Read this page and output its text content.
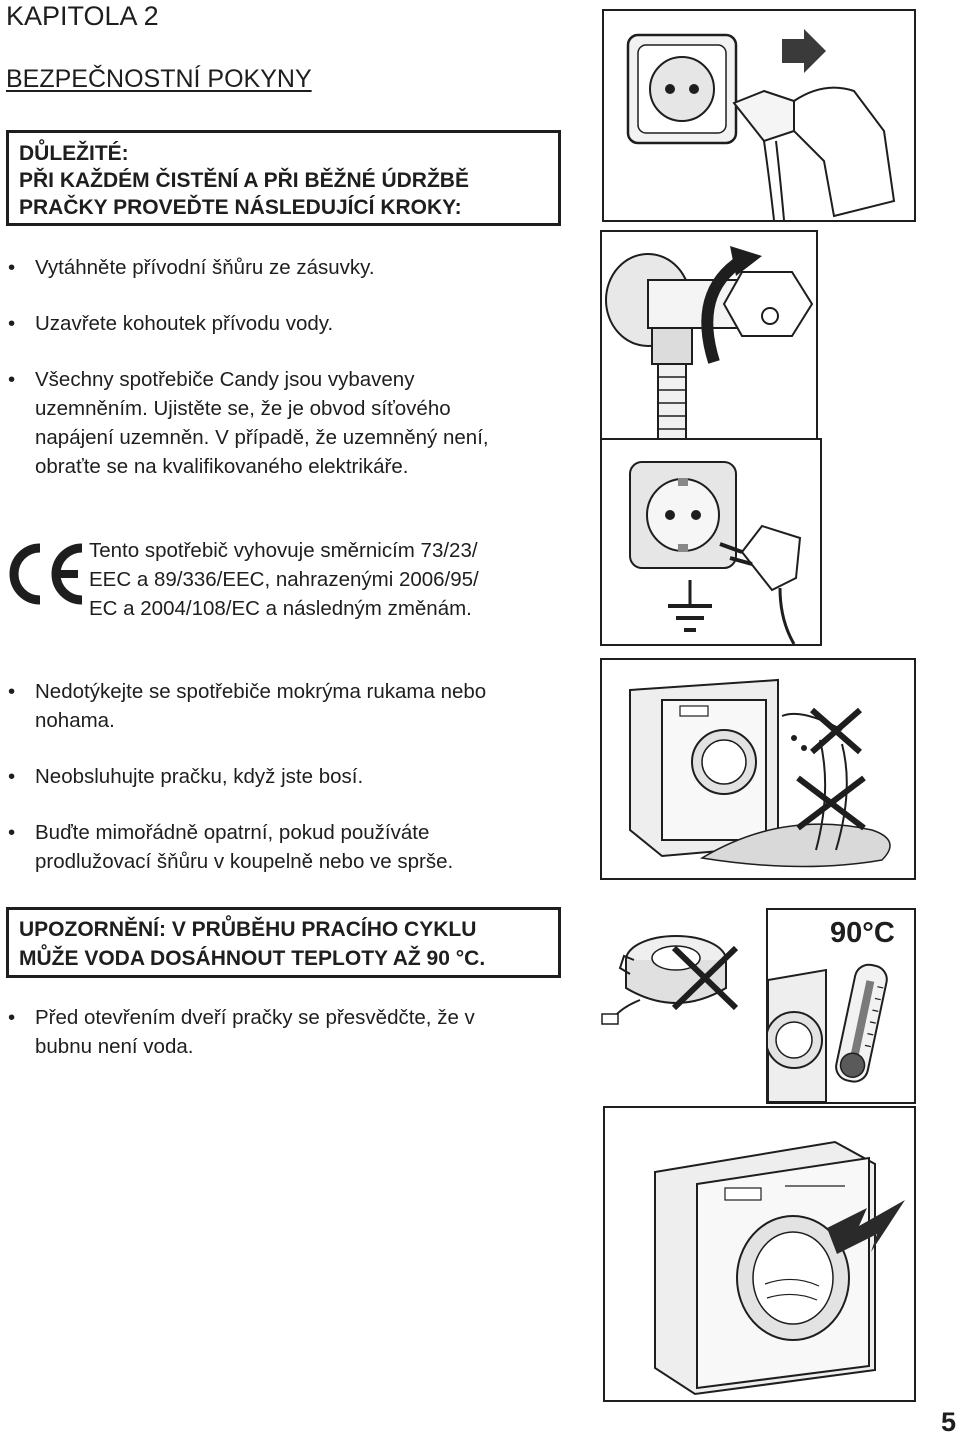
KAPITOLA 2
BEZPEČNOSTNÍ POKYNY
DŮLEŽITÉ:
PŘI KAŽDÉM ČISTĚNÍ A PŘI BĚŽNÉ ÚDRŽBĚ
PRAČKY PROVEĎTE NÁSLEDUJÍCÍ KROKY:
• Vytáhněte přívodní šňůru ze zásuvky.
• Uzavřete kohoutek přívodu vody.
• Všechny spotřebiče Candy jsou vybaveny
uzemněním. Ujistěte se, že je obvod síťového
napájení uzemněn. V případě, že uzemněný není,
obraťte se na kvalifikovaného elektrikáře.
Tento spotřebič vyhovuje směrnicím 73/23/
EEC a 89/336/EEC, nahrazenými 2006/95/
EC a 2004/108/EC a následným změnám.
• Nedotýkejte se spotřebiče mokrýma rukama nebo
nohama.
• Neobsluhujte pračku, když jste bosí.
• Buďte mimořádně opatrní, pokud používáte
prodlužovací šňůru v koupelně nebo ve sprše.
UPOZORNĚNÍ: V PRŮBĚHU PRACÍHO CYKLU
MŮŽE VODA DOSÁHNOUT TEPLOTY AŽ 90 °C.
• Před otevřením dveří pračky se přesvědčte, že v
bubnu není voda.
90°C
5
